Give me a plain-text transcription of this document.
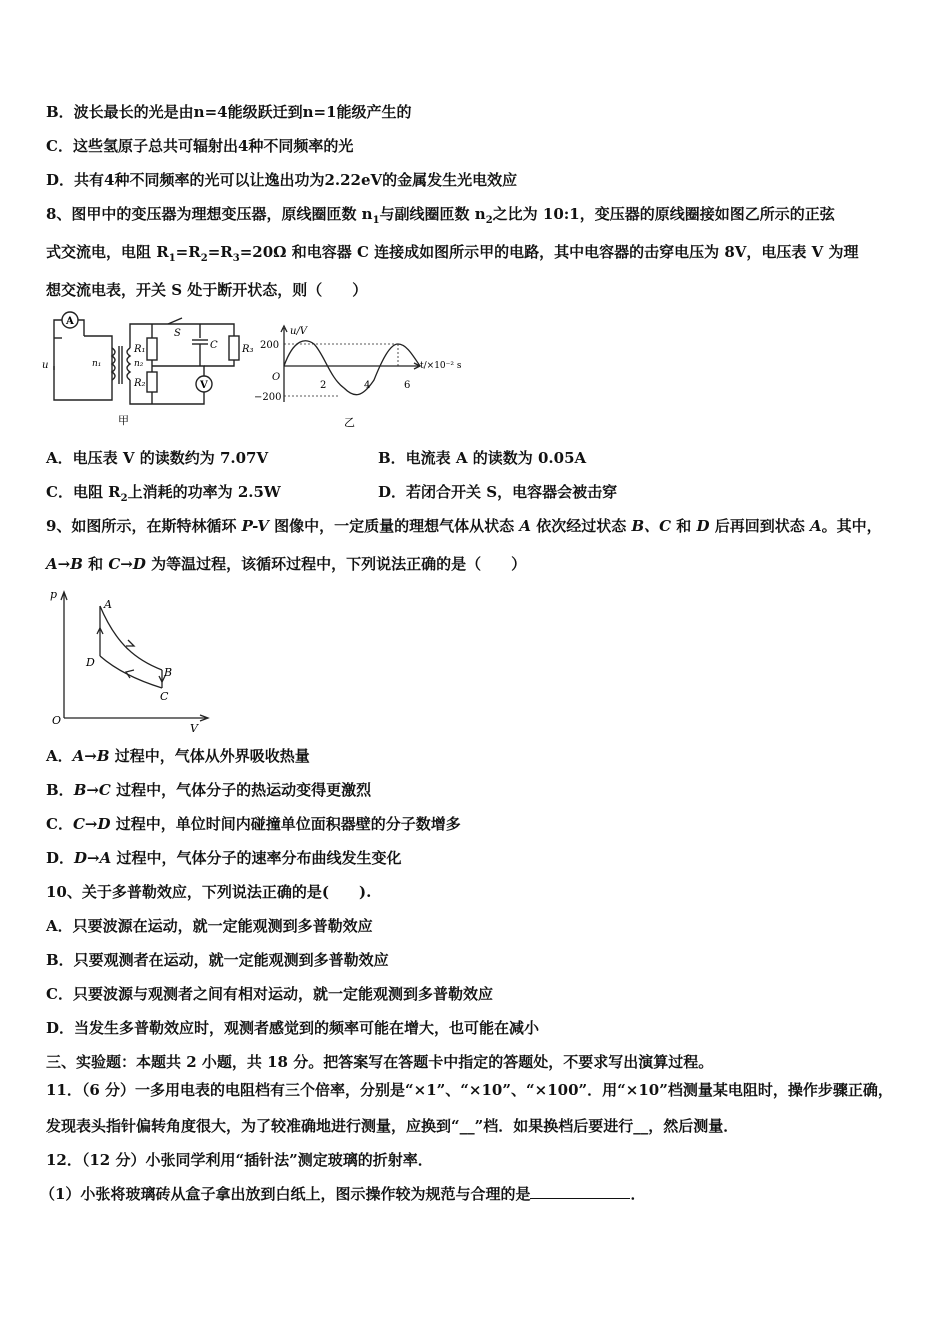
B．波长最长的光是由n=4能级跃迁到n=1能级产生的
C．这些氢原子总共可辐射出4种不同频率的光
D．共有4种不同频率的光可以让逸出功为2.22eV的金属发生光电效应
8、图甲中的变压器为理想变压器，原线圈匝数 $n_1$与副线圈匝数 $n_2$之比为 10:1，变压器的原线圈接如图乙所示的正弦
式交流电，电阻 $R_1=R_2=R_3=20\Omega$ 和电容器 C 连接成如图所示甲的电路，其中电容器的击穿电压为 8V，电压表 V 为理
想交流电表，开关 S 处于断开状态，则（　　）
A
V
u	n₁	n₂
R₁
R₂
R₃
C
S
甲
u/V
t/×10⁻² s
O
200
−200
2	4	6
乙
A．电压表 V 的读数约为 7.07V	B．电流表 A 的读数为 0.05A
C．电阻 $R_2$上消耗的功率为 2.5W	D．若闭合开关 S，电容器会被击穿
9、如图所示，在斯特林循环 P-V 图像中，一定质量的理想气体从状态 A 依次经过状态 B、C 和 D 后再回到状态 A。其中，
A→B 和 C→D 为等温过程，该循环过程中，下列说法正确的是（　　）
p
V
O
A
B
C
D
A．A→B 过程中，气体从外界吸收热量
B．B→C 过程中，气体分子的热运动变得更激烈
C．C→D 过程中，单位时间内碰撞单位面积器壁的分子数增多
D．D→A 过程中，气体分子的速率分布曲线发生变化
10、关于多普勒效应，下列说法正确的是(　　).
A．只要波源在运动，就一定能观测到多普勒效应
B．只要观测者在运动，就一定能观测到多普勒效应
C．只要波源与观测者之间有相对运动，就一定能观测到多普勒效应
D．当发生多普勒效应时，观测者感觉到的频率可能在增大，也可能在减小
三、实验题：本题共 2 小题，共 18 分。把答案写在答题卡中指定的答题处，不要求写出演算过程。
11．（6 分）一多用电表的电阻档有三个倍率，分别是“×1”、“×10”、“×100”．用“×10”档测量某电阻时，操作步骤正确，
发现表头指针偏转角度很大，为了较准确地进行测量，应换到“__”档．如果换档后要进行__，然后测量．
12．（12 分）小张同学利用“插针法”测定玻璃的折射率．
（1）小张将玻璃砖从盒子拿出放到白纸上，图示操作较为规范与合理的是	．
